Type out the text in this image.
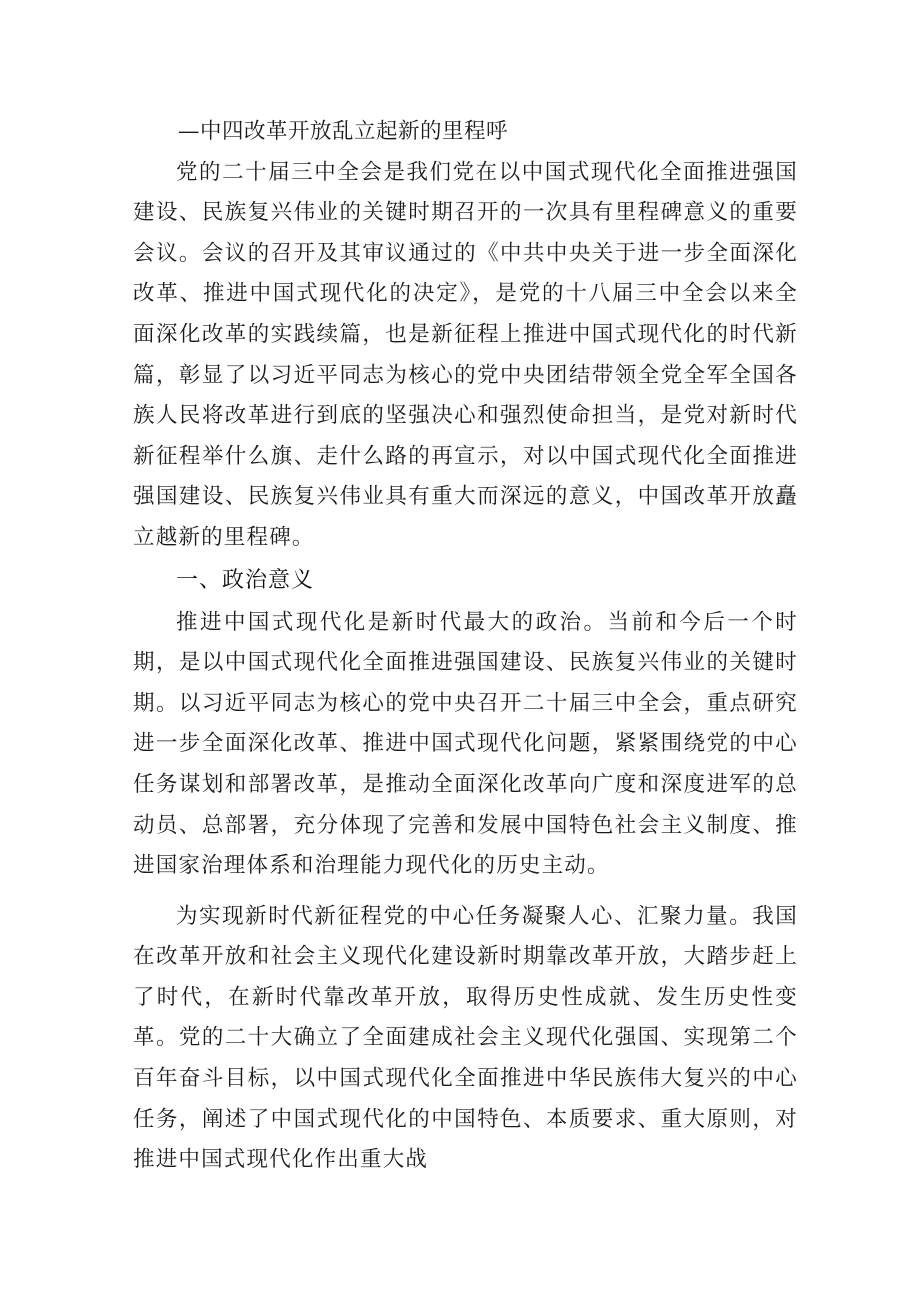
—中四改革开放乱立起新的里程呼

党的二十届三中全会是我们党在以中国式现代化全面推进强国建设、民族复兴伟业的关键时期召开的一次具有里程碑意义的重要会议。会议的召开及其审议通过的《中共中央关于进一步全面深化改革、推进中国式现代化的决定》，是党的十八届三中全会以来全面深化改革的实践续篇，也是新征程上推进中国式现代化的时代新篇，彰显了以习近平同志为核心的党中央团结带领全党全军全国各族人民将改革进行到底的坚强决心和强烈使命担当，是党对新时代新征程举什么旗、走什么路的再宣示，对以中国式现代化全面推进强国建设、民族复兴伟业具有重大而深远的意义，中国改革开放矗立越新的里程碑。

一、政治意义

推进中国式现代化是新时代最大的政治。当前和今后一个时期，是以中国式现代化全面推进强国建设、民族复兴伟业的关键时期。以习近平同志为核心的党中央召开二十届三中全会，重点研究进一步全面深化改革、推进中国式现代化问题，紧紧围绕党的中心任务谋划和部署改革，是推动全面深化改革向广度和深度进军的总动员、总部署，充分体现了完善和发展中国特色社会主义制度、推进国家治理体系和治理能力现代化的历史主动。

为实现新时代新征程党的中心任务凝聚人心、汇聚力量。我国在改革开放和社会主义现代化建设新时期靠改革开放，大踏步赶上了时代，在新时代靠改革开放，取得历史性成就、发生历史性变革。党的二十大确立了全面建成社会主义现代化强国、实现第二个百年奋斗目标，以中国式现代化全面推进中华民族伟大复兴的中心任务，阐述了中国式现代化的中国特色、本质要求、重大原则，对推进中国式现代化作出重大战
